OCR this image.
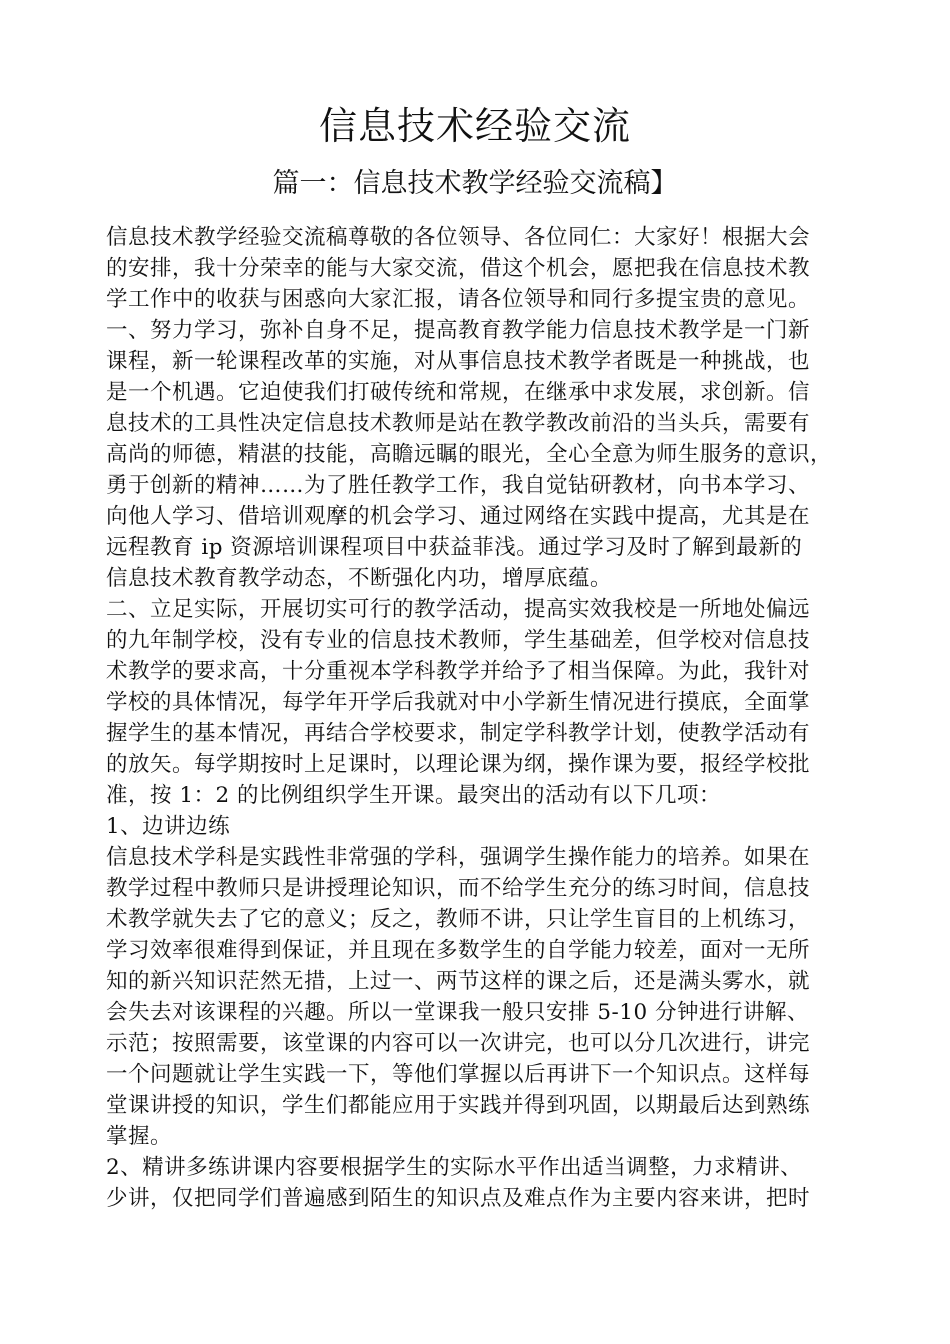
信息技术经验交流
篇一：信息技术教学经验交流稿】
信息技术教学经验交流稿尊敬的各位领导、各位同仁：大家好！根据大会
的安排，我十分荣幸的能与大家交流，借这个机会，愿把我在信息技术教
学工作中的收获与困惑向大家汇报，请各位领导和同行多提宝贵的意见。
一、努力学习，弥补自身不足，提高教育教学能力信息技术教学是一门新
课程，新一轮课程改革的实施，对从事信息技术教学者既是一种挑战，也
是一个机遇。它迫使我们打破传统和常规，在继承中求发展，求创新。信
息技术的工具性决定信息技术教师是站在教学教改前沿的当头兵，需要有
高尚的师德，精湛的技能，高瞻远瞩的眼光，全心全意为师生服务的意识，
勇于创新的精神……为了胜任教学工作，我自觉钻研教材，向书本学习、
向他人学习、借培训观摩的机会学习、通过网络在实践中提高，尤其是在
远程教育 ip 资源培训课程项目中获益菲浅。通过学习及时了解到最新的
信息技术教育教学动态，不断强化内功，增厚底蕴。
二、立足实际，开展切实可行的教学活动，提高实效我校是一所地处偏远
的九年制学校，没有专业的信息技术教师，学生基础差，但学校对信息技
术教学的要求高，十分重视本学科教学并给予了相当保障。为此，我针对
学校的具体情况，每学年开学后我就对中小学新生情况进行摸底，全面掌
握学生的基本情况，再结合学校要求，制定学科教学计划，使教学活动有
的放矢。每学期按时上足课时，以理论课为纲，操作课为要，报经学校批
准，按 1：2 的比例组织学生开课。最突出的活动有以下几项：
1、边讲边练
信息技术学科是实践性非常强的学科，强调学生操作能力的培养。如果在
教学过程中教师只是讲授理论知识，而不给学生充分的练习时间，信息技
术教学就失去了它的意义；反之，教师不讲，只让学生盲目的上机练习，
学习效率很难得到保证，并且现在多数学生的自学能力较差，面对一无所
知的新兴知识茫然无措，上过一、两节这样的课之后，还是满头雾水，就
会失去对该课程的兴趣。所以一堂课我一般只安排 5-10 分钟进行讲解、
示范；按照需要，该堂课的内容可以一次讲完，也可以分几次进行，讲完
一个问题就让学生实践一下，等他们掌握以后再讲下一个知识点。这样每
堂课讲授的知识，学生们都能应用于实践并得到巩固，以期最后达到熟练
掌握。
2、精讲多练讲课内容要根据学生的实际水平作出适当调整，力求精讲、
少讲，仅把同学们普遍感到陌生的知识点及难点作为主要内容来讲，把时
